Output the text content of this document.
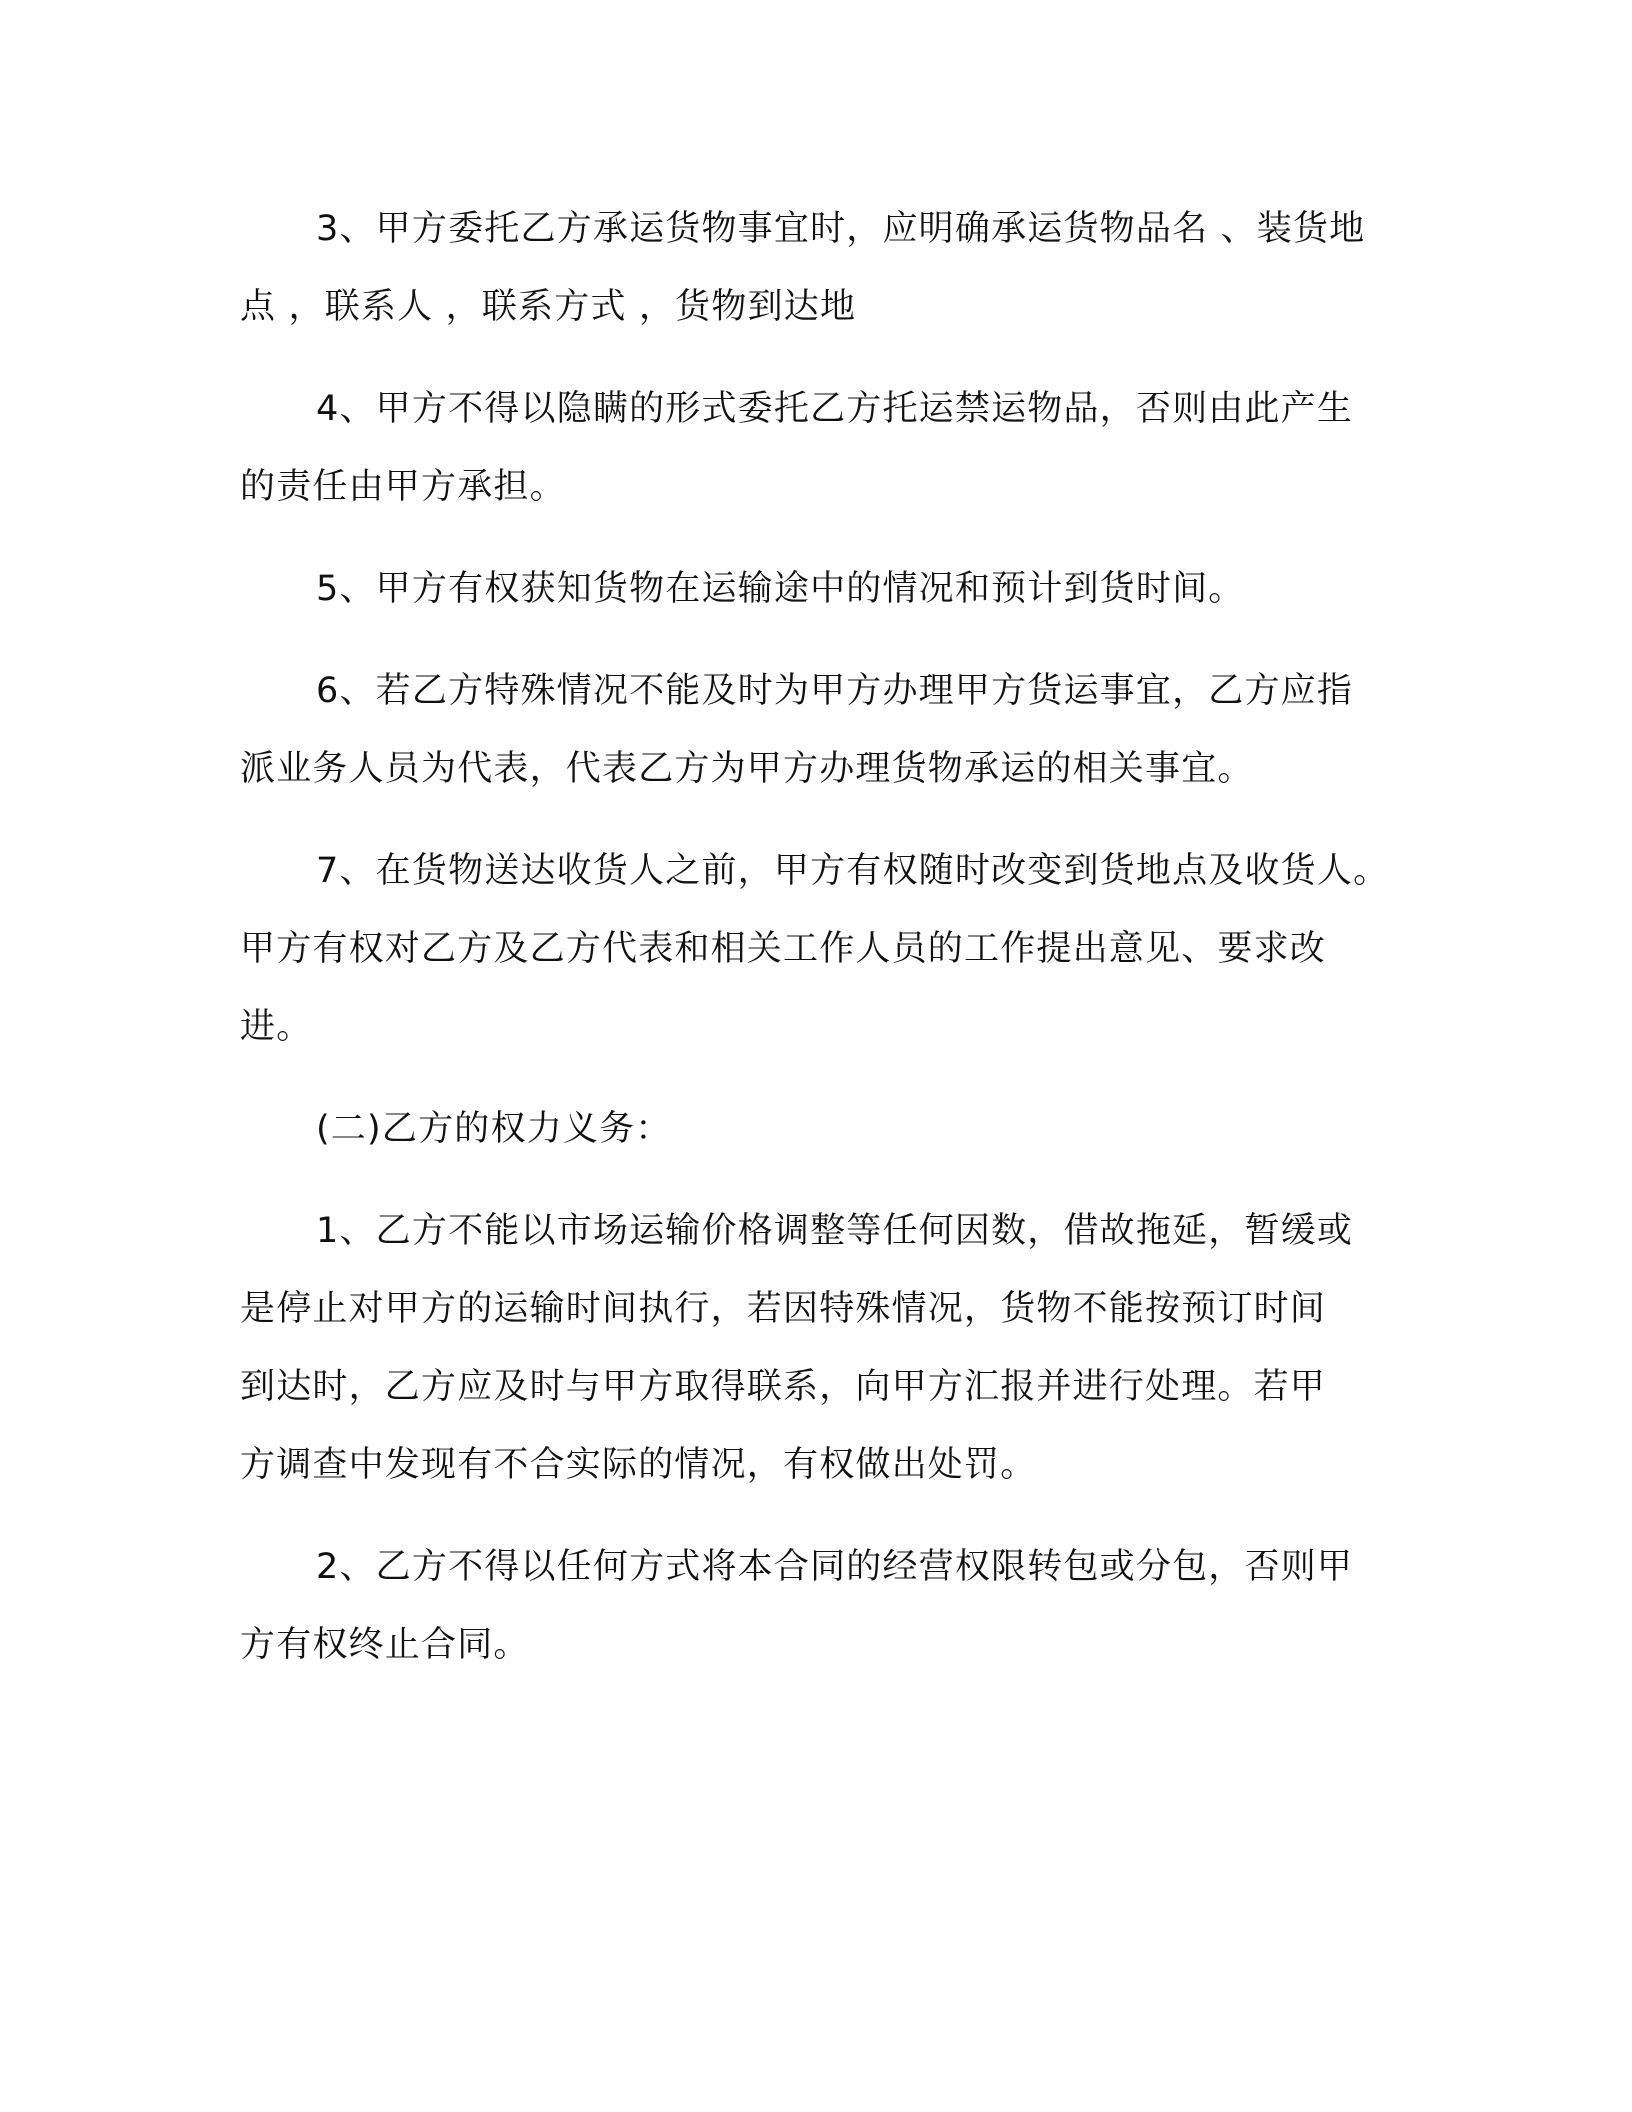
3、甲方委托乙方承运货物事宜时，应明确承运货物品名 、装货地
点 ，联系人 ，联系方式 ，货物到达地

4、甲方不得以隐瞒的形式委托乙方托运禁运物品，否则由此产生
的责任由甲方承担。

5、甲方有权获知货物在运输途中的情况和预计到货时间。

6、若乙方特殊情况不能及时为甲方办理甲方货运事宜，乙方应指
派业务人员为代表，代表乙方为甲方办理货物承运的相关事宜。

7、在货物送达收货人之前，甲方有权随时改变到货地点及收货人。
甲方有权对乙方及乙方代表和相关工作人员的工作提出意见、要求改
进。

(二)乙方的权力义务：

1、乙方不能以市场运输价格调整等任何因数，借故拖延，暂缓或
是停止对甲方的运输时间执行，若因特殊情况，货物不能按预订时间
到达时，乙方应及时与甲方取得联系，向甲方汇报并进行处理。若甲
方调查中发现有不合实际的情况，有权做出处罚。

2、乙方不得以任何方式将本合同的经营权限转包或分包，否则甲
方有权终止合同。
